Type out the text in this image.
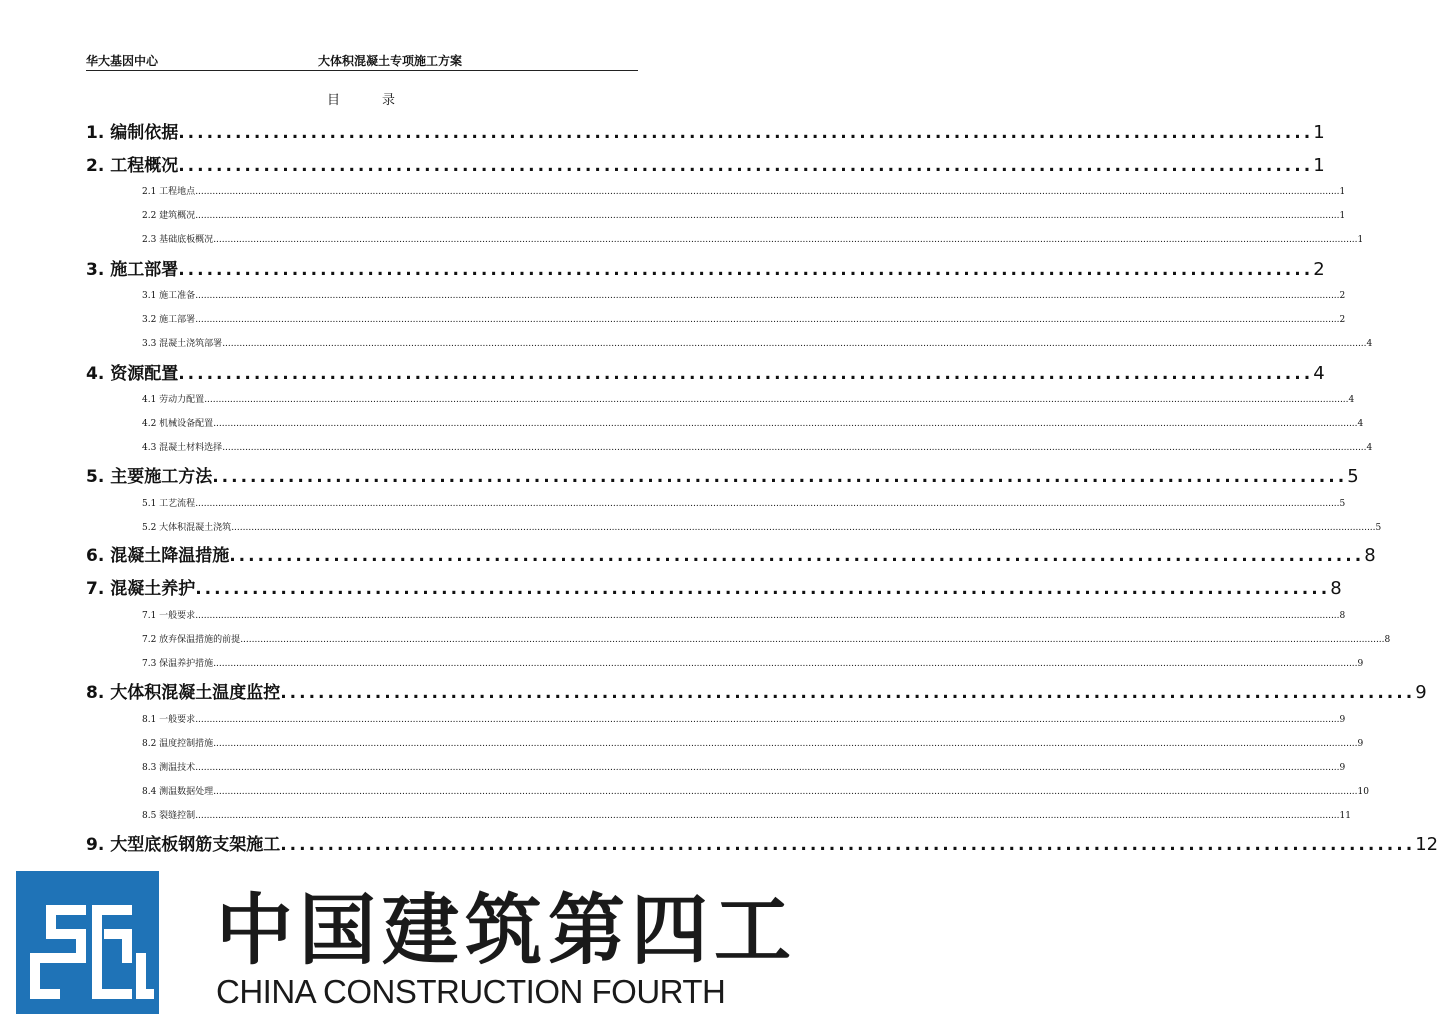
华大基因中心	大体积混凝土专项施工方案
目	录
1. 编制依据 ........................................................................................................................ 1
2. 工程概况 ........................................................................................................................ 1
2.1 工程地点 ................................................................................................................................................................................................................................................................................................................................................................................................................ 1
2.2 建筑概况 ................................................................................................................................................................................................................................................................................................................................................................................................................ 1
2.3 基础底板概况 ................................................................................................................................................................................................................................................................................................................................................................................................................ 1
3. 施工部署 ........................................................................................................................ 2
3.1 施工准备 ................................................................................................................................................................................................................................................................................................................................................................................................................ 2
3.2 施工部署 ................................................................................................................................................................................................................................................................................................................................................................................................................ 2
3.3 混凝土浇筑部署 ................................................................................................................................................................................................................................................................................................................................................................................................................ 4
4. 资源配置 ........................................................................................................................ 4
4.1 劳动力配置 ................................................................................................................................................................................................................................................................................................................................................................................................................ 4
4.2 机械设备配置 ................................................................................................................................................................................................................................................................................................................................................................................................................ 4
4.3 混凝土材料选择 ................................................................................................................................................................................................................................................................................................................................................................................................................ 4
5. 主要施工方法 ........................................................................................................................ 5
5.1 工艺流程 ................................................................................................................................................................................................................................................................................................................................................................................................................ 5
5.2 大体积混凝土浇筑 ................................................................................................................................................................................................................................................................................................................................................................................................................ 5
6. 混凝土降温措施 ........................................................................................................................ 8
7. 混凝土养护 ........................................................................................................................ 8
7.1 一般要求 ................................................................................................................................................................................................................................................................................................................................................................................................................ 8
7.2 放弃保温措施的前提 ................................................................................................................................................................................................................................................................................................................................................................................................................ 8
7.3 保温养护措施 ................................................................................................................................................................................................................................................................................................................................................................................................................ 9
8. 大体积混凝土温度监控 ........................................................................................................................ 9
8.1 一般要求 ................................................................................................................................................................................................................................................................................................................................................................................................................ 9
8.2 温度控制措施 ................................................................................................................................................................................................................................................................................................................................................................................................................ 9
8.3 测温技术 ................................................................................................................................................................................................................................................................................................................................................................................................................ 9
8.4 测温数据处理 ................................................................................................................................................................................................................................................................................................................................................................................................................ 10
8.5 裂缝控制 ................................................................................................................................................................................................................................................................................................................................................................................................................ 11
9. 大型底板钢筋支架施工 ........................................................................................................................ 12
中国建筑第四工
CHINA CONSTRUCTION FOURTH
